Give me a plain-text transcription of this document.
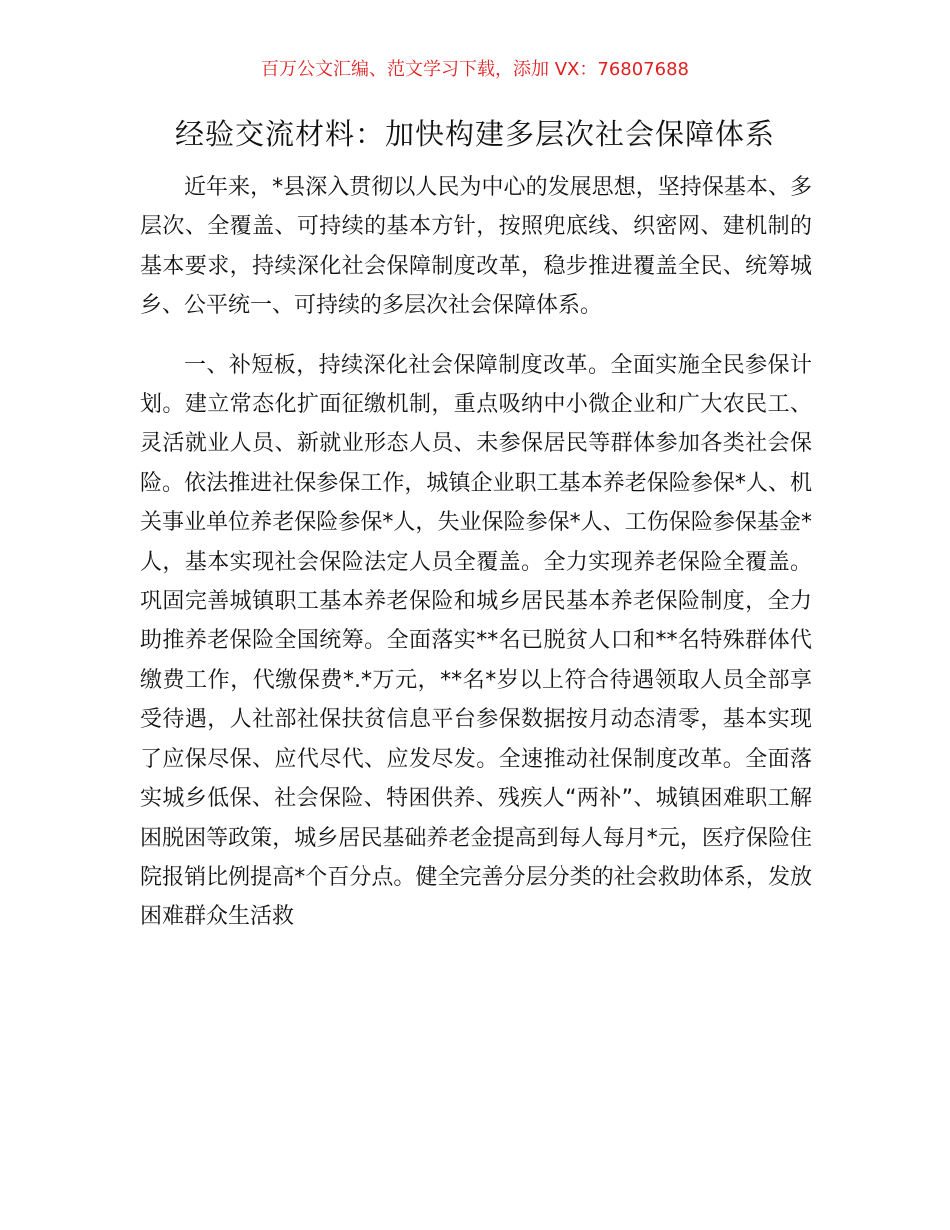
百万公文汇编、范文学习下载，添加 VX：76807688
经验交流材料：加快构建多层次社会保障体系

近年来，*县深入贯彻以人民为中心的发展思想，坚持保基本、多层次、全覆盖、可持续的基本方针，按照兜底线、织密网、建机制的基本要求，持续深化社会保障制度改革，稳步推进覆盖全民、统筹城乡、公平统一、可持续的多层次社会保障体系。

一、补短板，持续深化社会保障制度改革。全面实施全民参保计划。建立常态化扩面征缴机制，重点吸纳中小微企业和广大农民工、灵活就业人员、新就业形态人员、未参保居民等群体参加各类社会保险。依法推进社保参保工作，城镇企业职工基本养老保险参保*人、机关事业单位养老保险参保*人，失业保险参保*人、工伤保险参保基金*人，基本实现社会保险法定人员全覆盖。全力实现养老保险全覆盖。巩固完善城镇职工基本养老保险和城乡居民基本养老保险制度，全力助推养老保险全国统筹。全面落实**名已脱贫人口和**名特殊群体代缴费工作，代缴保费*.*万元，**名*岁以上符合待遇领取人员全部享受待遇，人社部社保扶贫信息平台参保数据按月动态清零，基本实现了应保尽保、应代尽代、应发尽发。全速推动社保制度改革。全面落实城乡低保、社会保险、特困供养、残疾人“两补”、城镇困难职工解困脱困等政策，城乡居民基础养老金提高到每人每月*元，医疗保险住院报销比例提高*个百分点。健全完善分层分类的社会救助体系，发放困难群众生活救
